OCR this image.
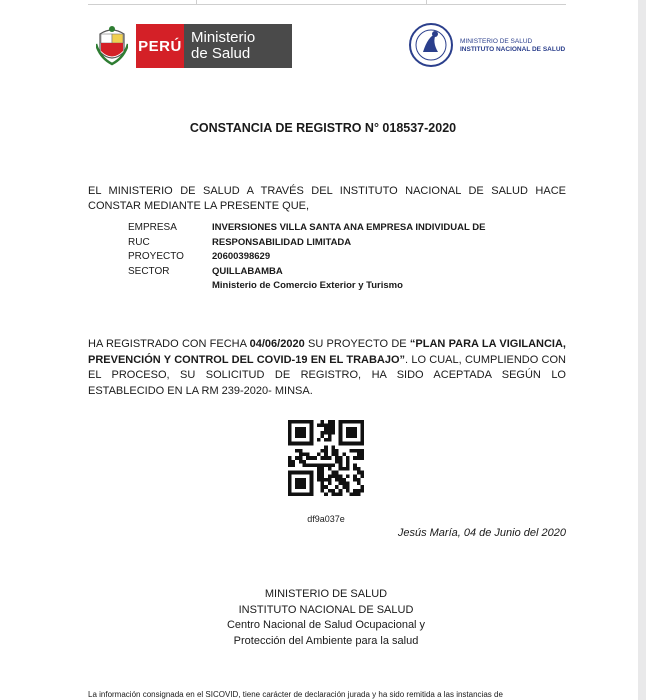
PERÚ Ministerio
de Salud
MINISTERIO DE SALUD
INSTITUTO NACIONAL DE SALUD
CONSTANCIA DE REGISTRO N° 018537-2020
EL MINISTERIO DE SALUD A TRAVÉS DEL INSTITUTO NACIONAL DE SALUD HACE CONSTAR MEDIANTE LA PRESENTE QUE,
EMPRESA
RUC
PROYECTO
SECTOR
INVERSIONES VILLA SANTA ANA EMPRESA INDIVIDUAL DE
RESPONSABILIDAD LIMITADA
20600398629
QUILLABAMBA
Ministerio de Comercio Exterior y Turismo
HA REGISTRADO CON FECHA 04/06/2020 SU PROYECTO DE “PLAN PARA LA VIGILANCIA, PREVENCIÓN Y CONTROL DEL COVID-19 EN EL TRABAJO”. LO CUAL, CUMPLIENDO CON EL PROCESO, SU SOLICITUD DE REGISTRO, HA SIDO ACEPTADA SEGÚN LO ESTABLECIDO EN LA RM 239-2020- MINSA.
df9a037e
Jesús María, 04 de Junio del 2020
MINISTERIO DE SALUD
INSTITUTO NACIONAL DE SALUD
Centro Nacional de Salud Ocupacional y
Protección del Ambiente para la salud
La información consignada en el SICOVID, tiene carácter de declaración jurada y ha sido remitida a las instancias de
